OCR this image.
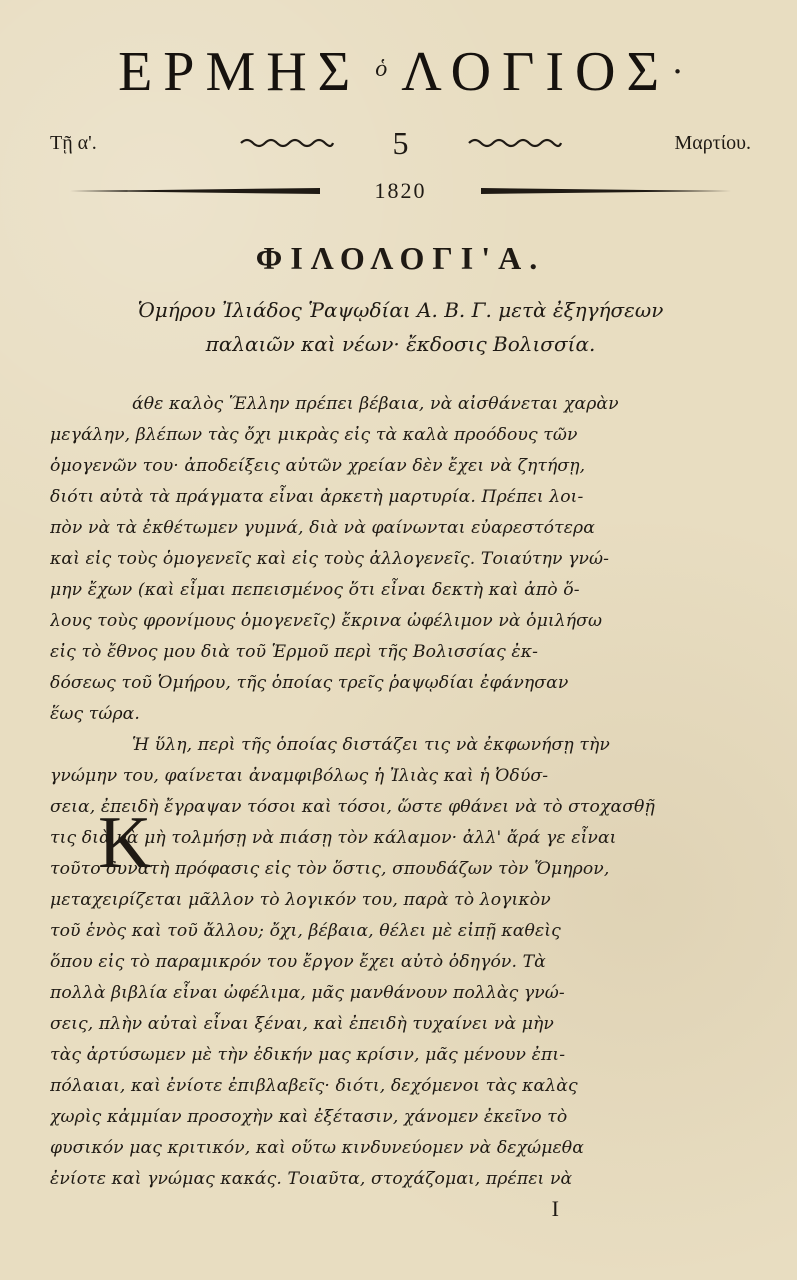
ΕΡΜΗΣ ὁ ΛΟΓΙΟΣ .
Τῇ α'.	5	Μαρτίου.
1820
ΦΙΛΟΛΟΓΙ'Α.
Ὁμήρου Ἰλιάδος Ῥαψῳδίαι Α. Β. Γ. μετὰ ἐξηγήσεων
παλαιῶν καὶ νέων· ἔκδοσις Βολισσία.
Κ
άθε καλὸς Ἕλλην πρέπει βέβαια, νὰ αἰσθάνεται χαρὰν
μεγάλην, βλέπων τὰς ὄχι μικρὰς εἰς τὰ καλὰ προόδους τῶν
ὁμογενῶν του· ἀποδείξεις αὐτῶν χρείαν δὲν ἔχει νὰ ζητήσῃ,
διότι αὐτὰ τὰ πράγματα εἶναι ἀρκετὴ μαρτυρία. Πρέπει λοι-
πὸν νὰ τὰ ἐκθέτωμεν γυμνά, διὰ νὰ φαίνωνται εὐαρεστότερα
καὶ εἰς τοὺς ὁμογενεῖς καὶ εἰς τοὺς ἀλλογενεῖς. Τοιαύτην γνώ-
μην ἔχων (καὶ εἶμαι πεπεισμένος ὅτι εἶναι δεκτὴ καὶ ἀπὸ ὅ-
λους τοὺς φρονίμους ὁμογενεῖς) ἔκρινα ὠφέλιμον νὰ ὁμιλήσω
εἰς τὸ ἔθνος μου διὰ τοῦ Ἑρμοῦ περὶ τῆς Βολισσίας ἐκ-
δόσεως τοῦ Ὁμήρου, τῆς ὁποίας τρεῖς ῥαψῳδίαι ἐφάνησαν
ἕως τώρα.
Ἡ ὕλη, περὶ τῆς ὁποίας διστάζει τις νὰ ἐκφωνήσῃ τὴν
γνώμην του, φαίνεται ἀναμφιβόλως ἡ Ἰλιὰς καὶ ἡ Ὀδύσ-
σεια, ἐπειδὴ ἔγραψαν τόσοι καὶ τόσοι, ὥστε φθάνει νὰ τὸ στοχασθῇ
τις διὰ νὰ μὴ τολμήσῃ νὰ πιάσῃ τὸν κάλαμον· ἀλλ' ἄρά γε εἶναι
τοῦτο δυνατὴ πρόφασις εἰς τὸν ὅστις, σπουδάζων τὸν Ὅμηρον,
μεταχειρίζεται μᾶλλον τὸ λογικόν του, παρὰ τὸ λογικὸν
τοῦ ἑνὸς καὶ τοῦ ἄλλου; ὄχι, βέβαια, θέλει μὲ εἰπῇ καθεὶς
ὅπου εἰς τὸ παραμικρόν του ἔργον ἔχει αὐτὸ ὁδηγόν. Τὰ
πολλὰ βιβλία εἶναι ὠφέλιμα, μᾶς μανθάνουν πολλὰς γνώ-
σεις, πλὴν αὐταὶ εἶναι ξέναι, καὶ ἐπειδὴ τυχαίνει νὰ μὴν
τὰς ἀρτύσωμεν μὲ τὴν ἐδικήν μας κρίσιν, μᾶς μένουν ἐπι-
πόλαιαι, καὶ ἐνίοτε ἐπιβλαβεῖς· διότι, δεχόμενοι τὰς καλὰς
χωρὶς κἀμμίαν προσοχὴν καὶ ἐξέτασιν, χάνομεν ἐκεῖνο τὸ
φυσικόν μας κριτικόν, καὶ οὕτω κινδυνεύομεν νὰ δεχώμεθα
ἐνίοτε καὶ γνώμας κακάς. Τοιαῦτα, στοχάζομαι, πρέπει νὰ
I
